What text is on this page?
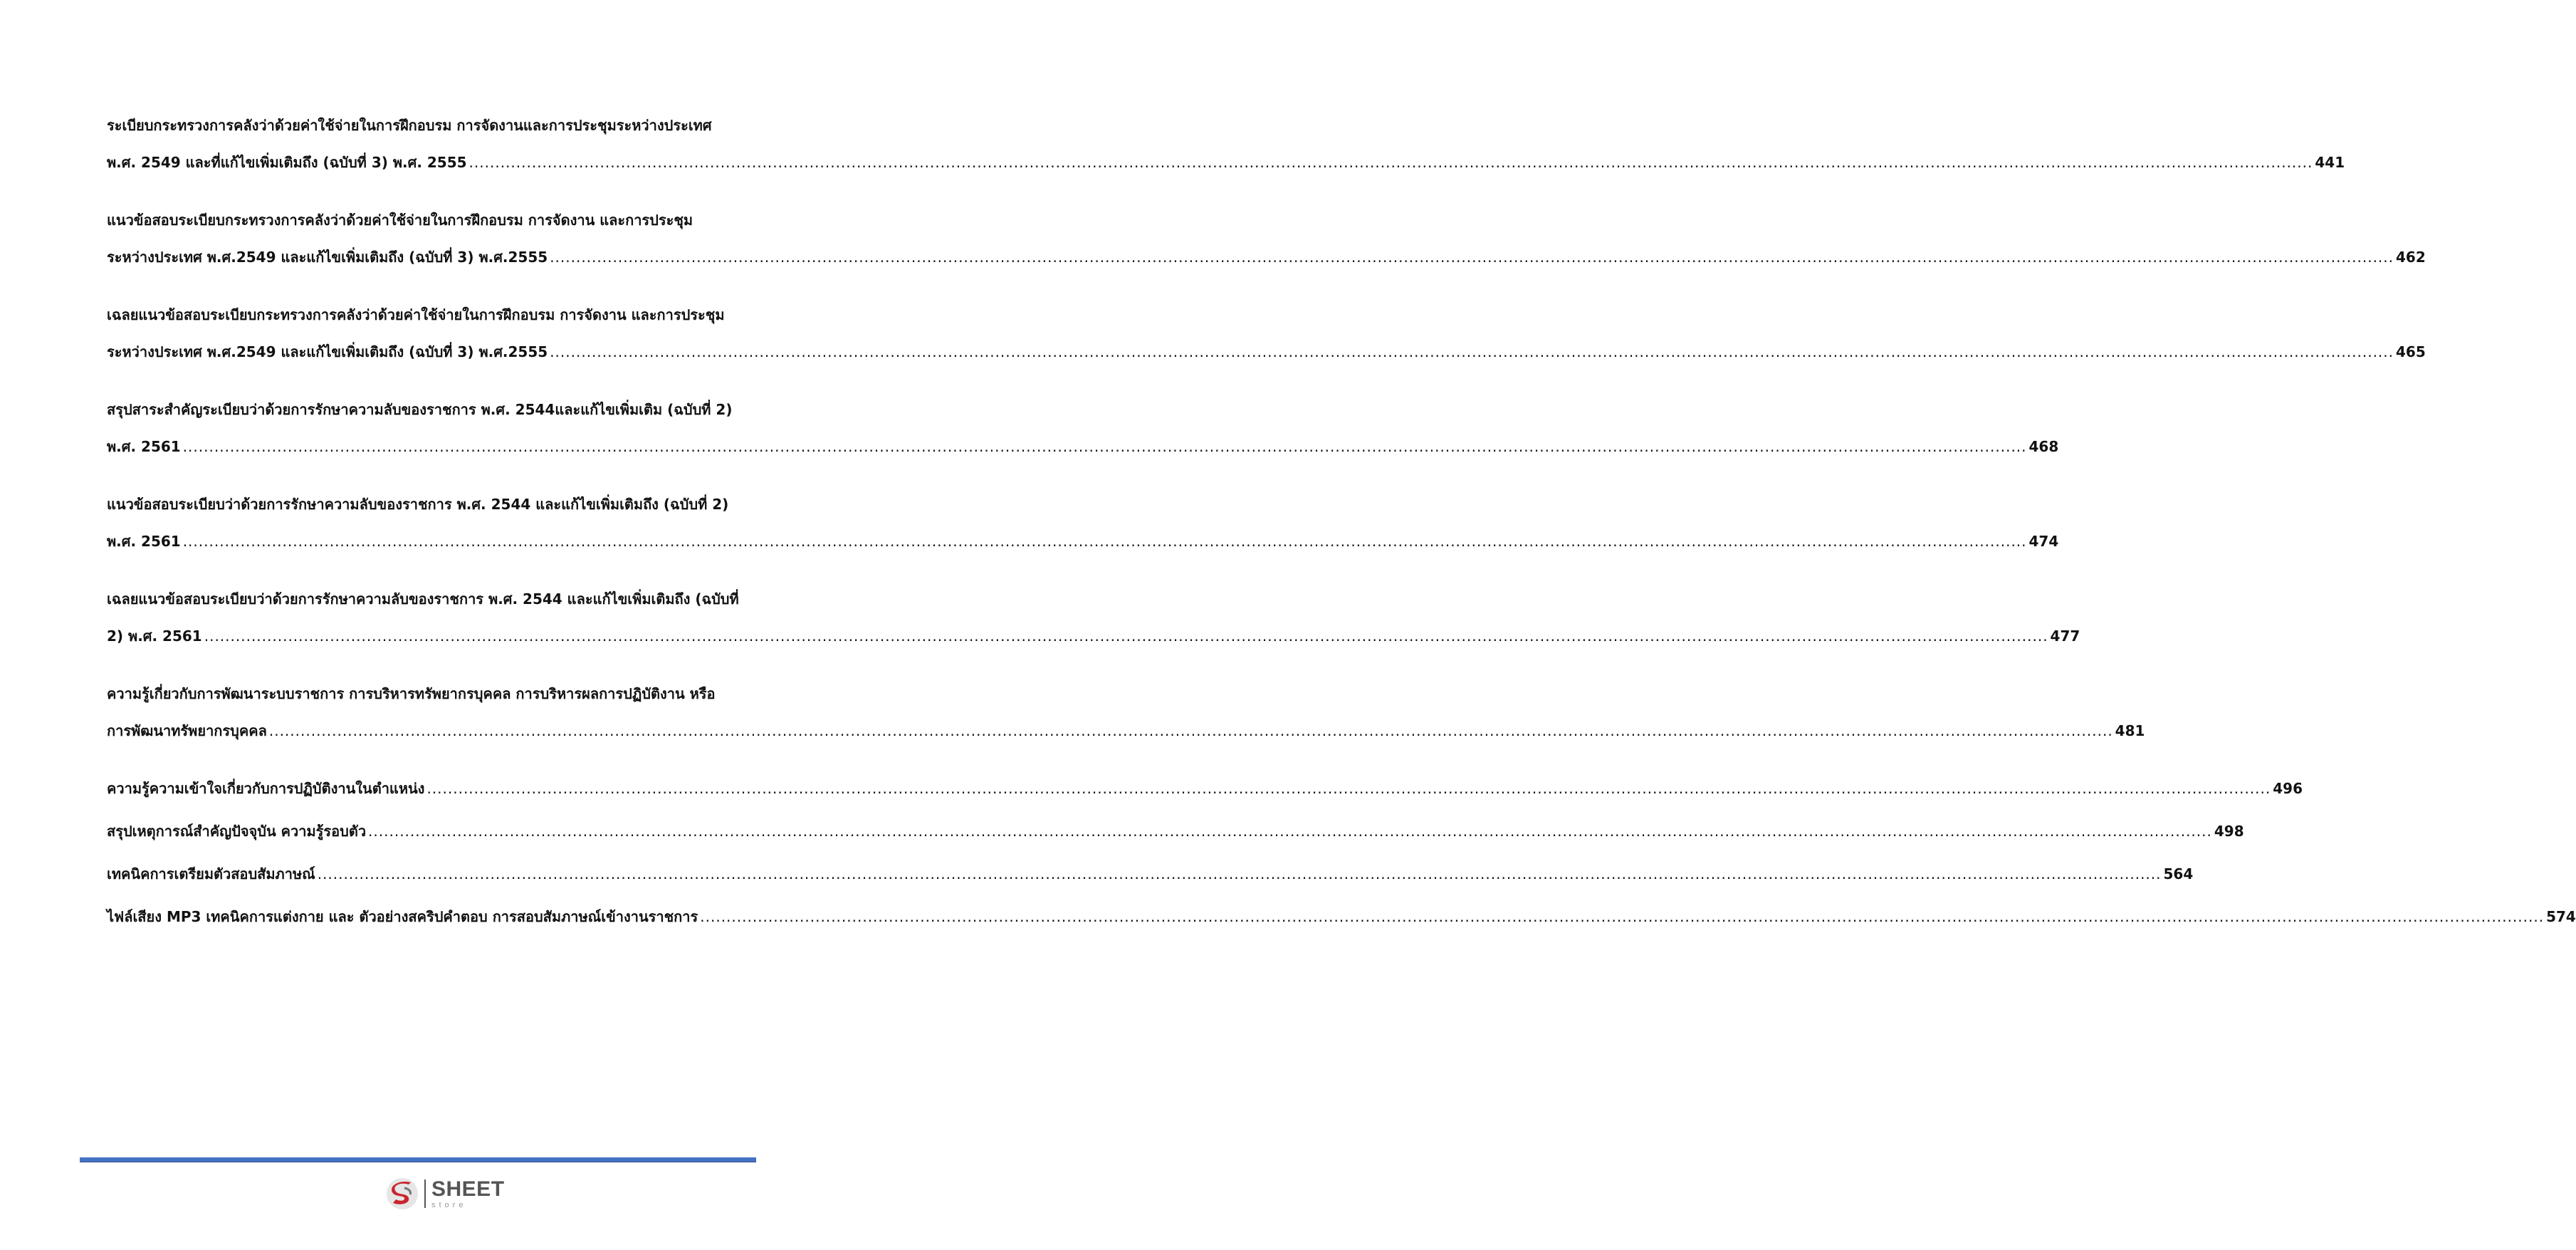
ระเบียบกระทรวงการคลังว่าด้วยค่าใช้จ่ายในการฝึกอบรม การจัดงานและการประชุมระหว่างประเทศ
พ.ศ. 2549 และที่แก้ไขเพิ่มเติมถึง (ฉบับที่ 3) พ.ศ. 2555 .....	441
แนวข้อสอบระเบียบกระทรวงการคลังว่าด้วยค่าใช้จ่ายในการฝึกอบรม การจัดงาน และการประชุม
ระหว่างประเทศ พ.ศ.2549 และแก้ไขเพิ่มเติมถึง (ฉบับที่ 3) พ.ศ.2555 .....	462
เฉลยแนวข้อสอบระเบียบกระทรวงการคลังว่าด้วยค่าใช้จ่ายในการฝึกอบรม การจัดงาน และการประชุม
ระหว่างประเทศ พ.ศ.2549 และแก้ไขเพิ่มเติมถึง (ฉบับที่ 3) พ.ศ.2555 .....	465
สรุปสาระสำคัญระเบียบว่าด้วยการรักษาความลับของราชการ พ.ศ. 2544และแก้ไขเพิ่มเติม (ฉบับที่ 2)
พ.ศ. 2561 .....	468
แนวข้อสอบระเบียบว่าด้วยการรักษาความลับของราชการ พ.ศ. 2544 และแก้ไขเพิ่มเติมถึง (ฉบับที่ 2)
พ.ศ. 2561 .....	474
เฉลยแนวข้อสอบระเบียบว่าด้วยการรักษาความลับของราชการ พ.ศ. 2544 และแก้ไขเพิ่มเติมถึง (ฉบับที่
2) พ.ศ. 2561 .....	477
ความรู้เกี่ยวกับการพัฒนาระบบราชการ การบริหารทรัพยากรบุคคล การบริหารผลการปฏิบัติงาน หรือ
การพัฒนาทรัพยากรบุคคล .....	481
ความรู้ความเข้าใจเกี่ยวกับการปฏิบัติงานในตำแหน่ง .....	496
สรุปเหตุการณ์สำคัญปัจจุบัน ความรู้รอบตัว .....	498
เทคนิคการเตรียมตัวสอบสัมภาษณ์ .....	564
ไฟล์เสียง MP3 เทคนิคการแต่งกาย และ ตัวอย่างสคริปคำตอบ การสอบสัมภาษณ์เข้างานราชการ .....	574
SHEET
store
